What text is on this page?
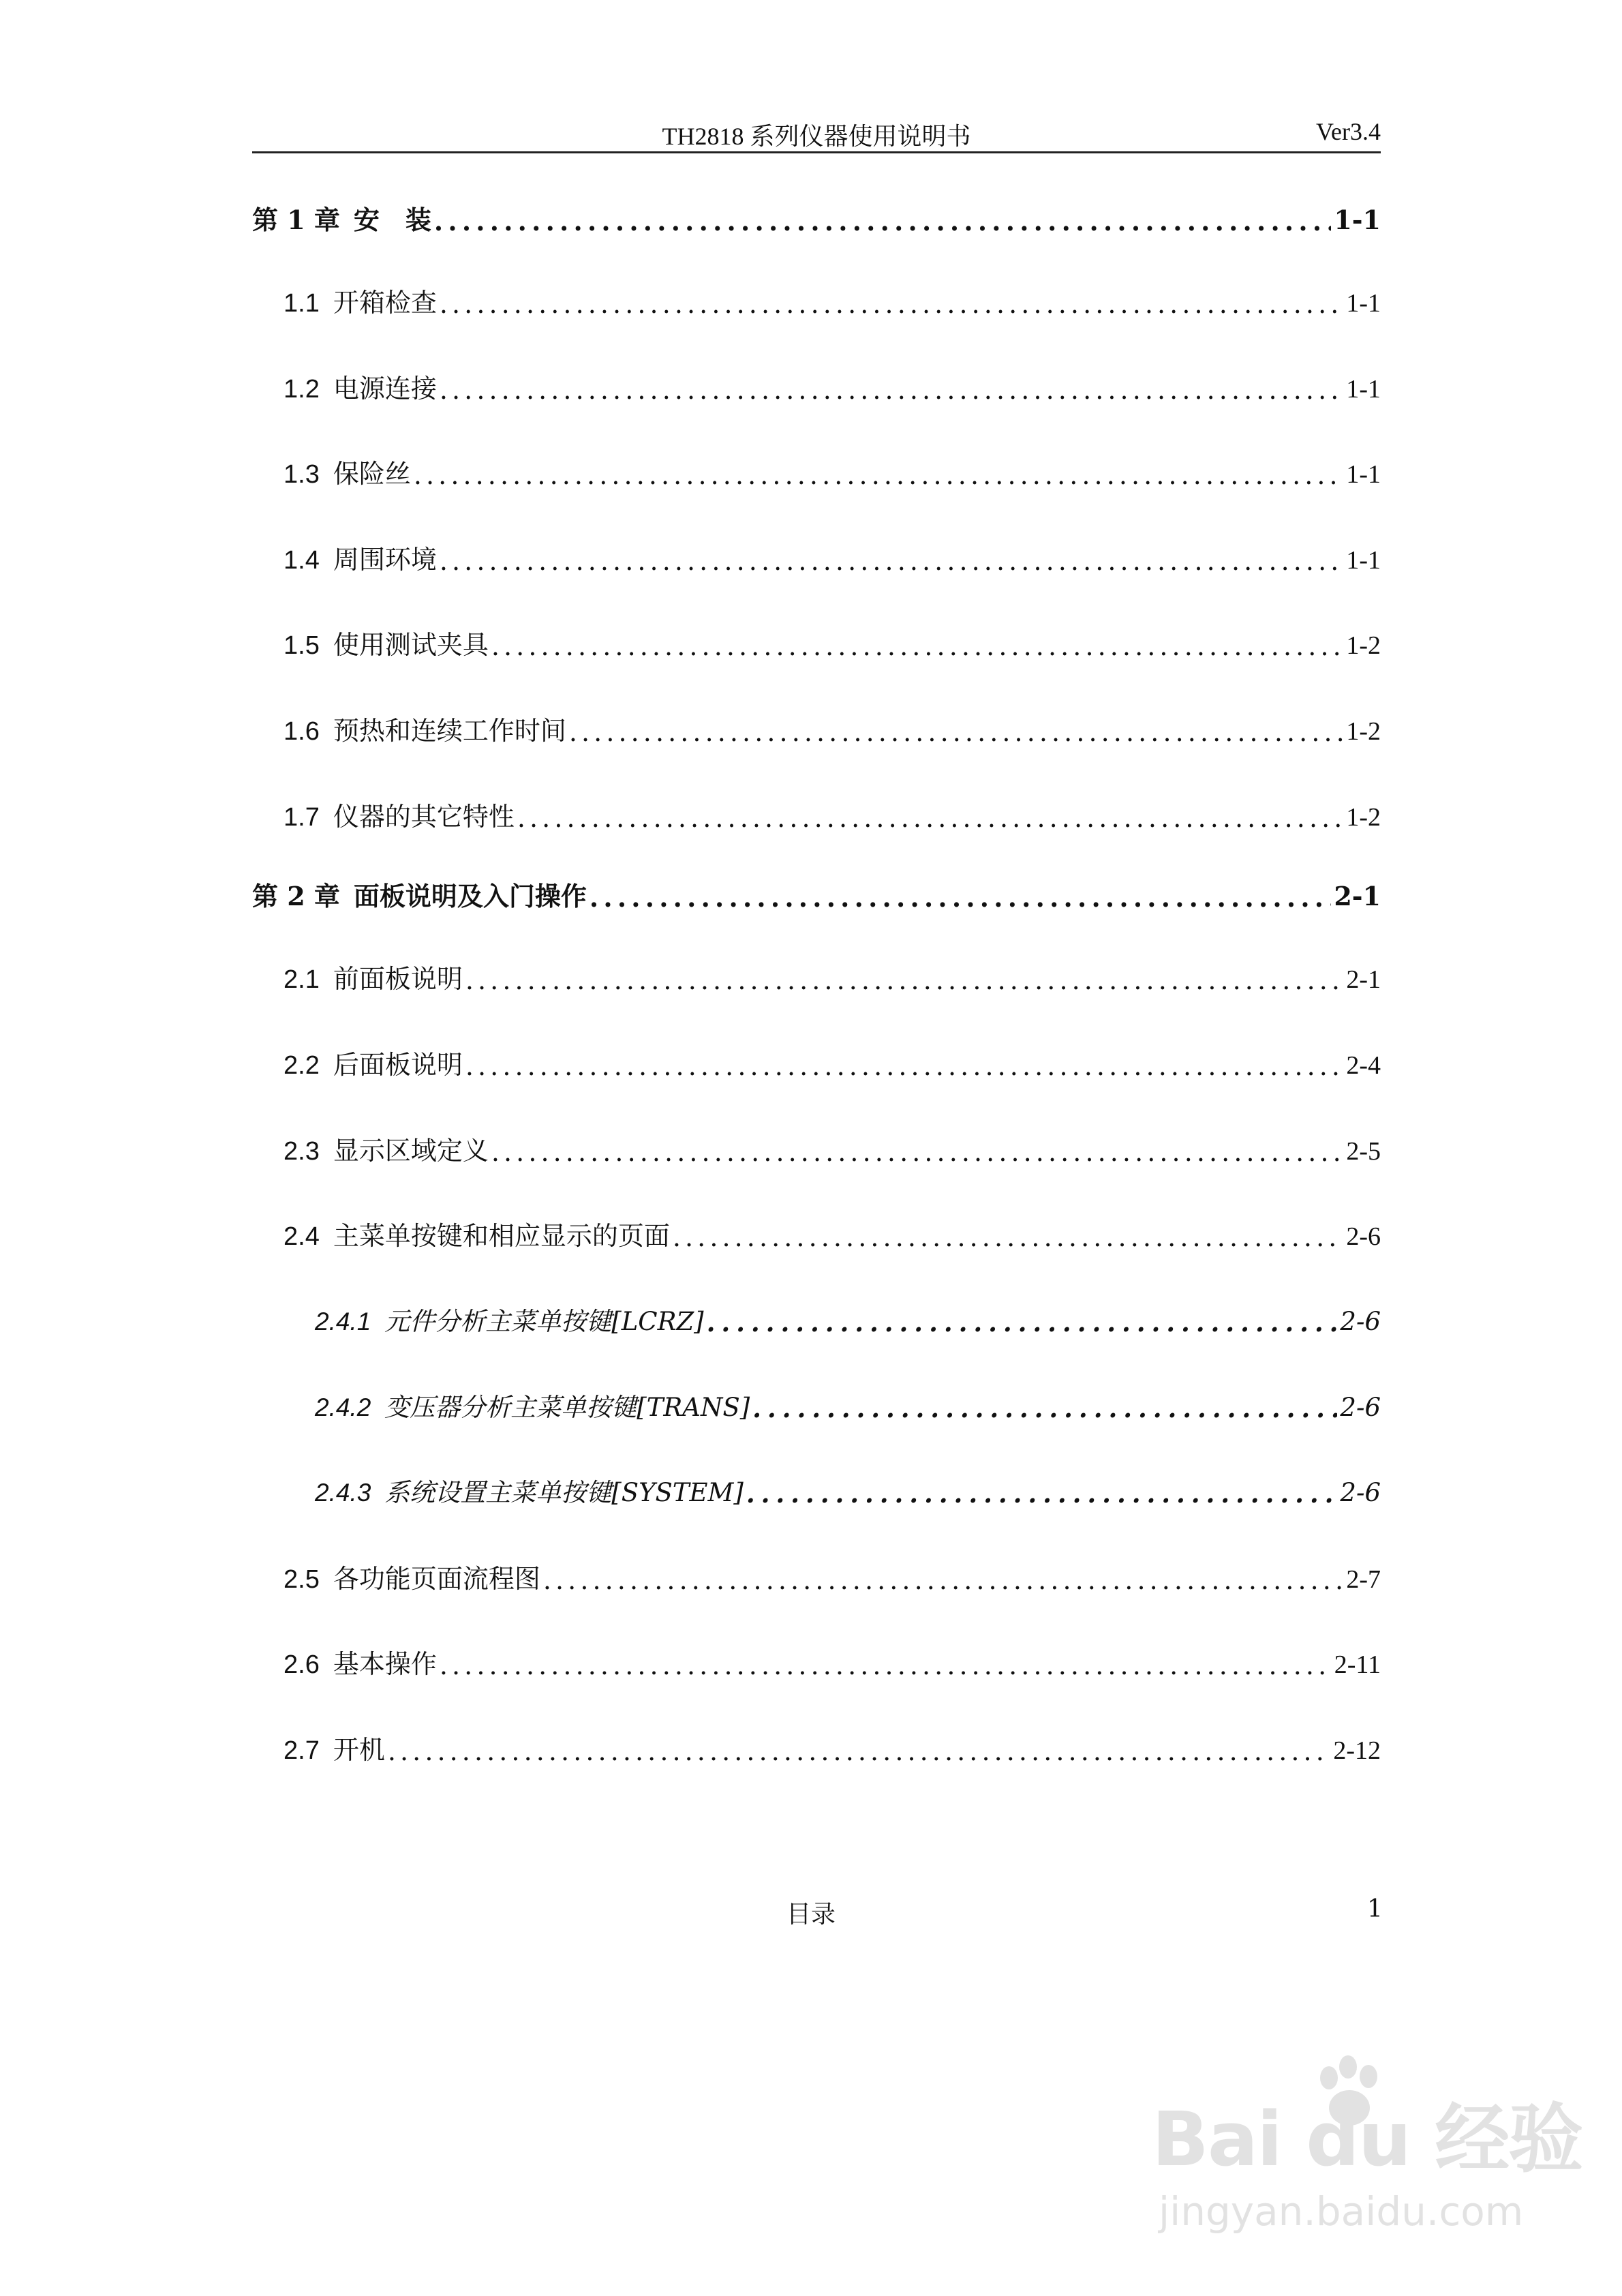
TH2818 系列仪器使用说明书	Ver3.4
第 1 章 安　装 . . .	1-1
1.1 开箱检查 . . .	1-1
1.2 电源连接 . . .	1-1
1.3 保险丝 . . .	1-1
1.4 周围环境 . . .	1-1
1.5 使用测试夹具 . . .	1-2
1.6 预热和连续工作时间 . . .	1-2
1.7 仪器的其它特性 . . .	1-2
第 2 章 面板说明及入门操作 . . .	2-1
2.1 前面板说明 . . .	2-1
2.2 后面板说明 . . .	2-4
2.3 显示区域定义 . . .	2-5
2.4 主菜单按键和相应显示的页面 . . .	2-6
2.4.1 元件分析主菜单按键[LCRZ] . . .	2-6
2.4.2 变压器分析主菜单按键[TRANS] . . .	2-6
2.4.3 系统设置主菜单按键[SYSTEM] . . .	2-6
2.5 各功能页面流程图 . . .	2-7
2.6 基本操作 . . .	2-11
2.7 开机 . . .	2-12
目录	1
Bai du 经验
jingyan.baidu.com
